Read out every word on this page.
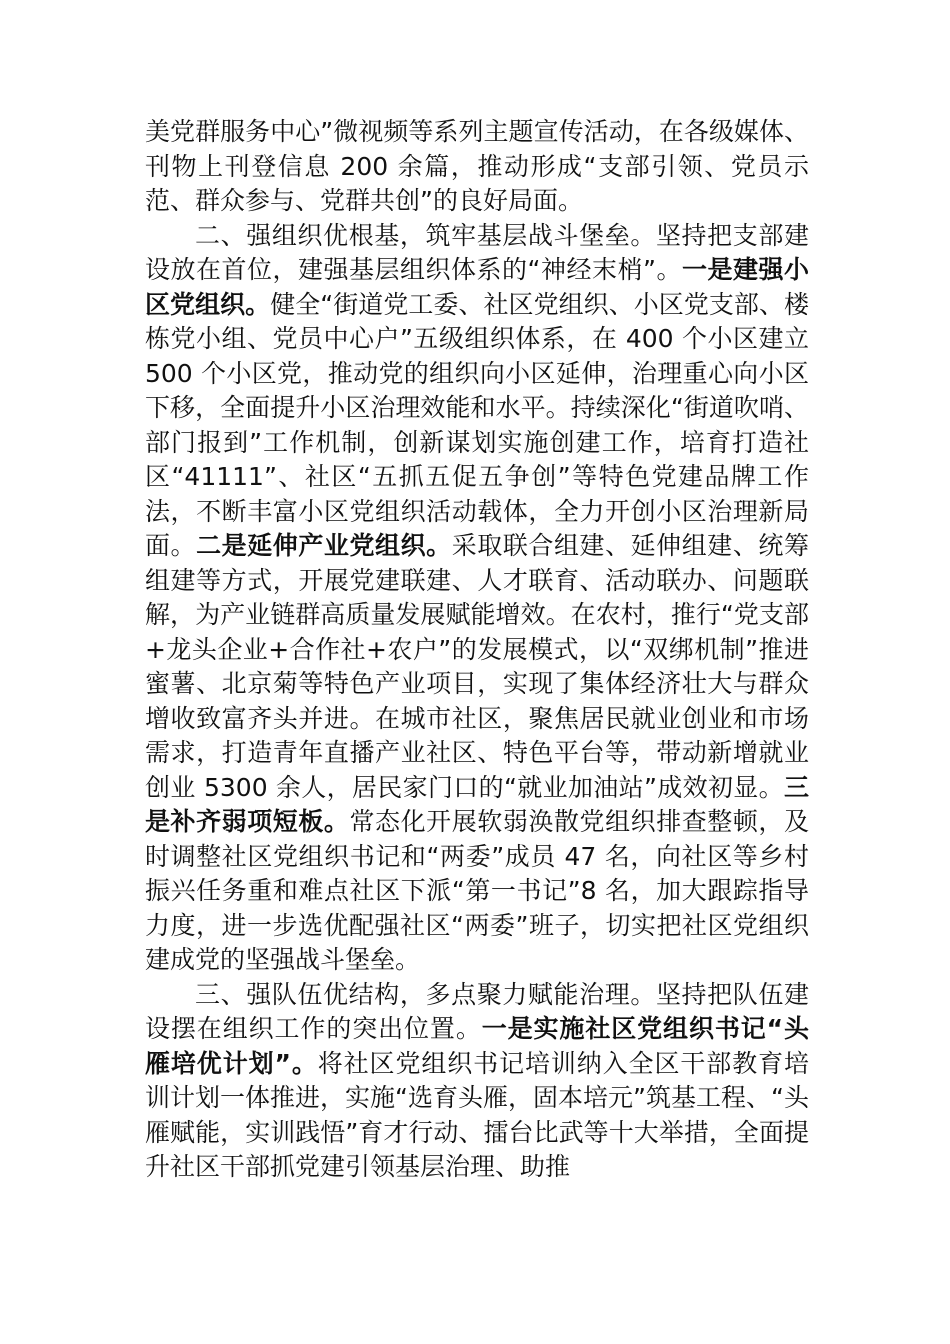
美党群服务中心”微视频等系列主题宣传活动，在各级媒体、刊物上刊登信息 200 余篇，推动形成“支部引领、党员示范、群众参与、党群共创”的良好局面。

二、强组织优根基，筑牢基层战斗堡垒。坚持把支部建设放在首位，建强基层组织体系的“神经末梢”。一是建强小区党组织。健全“街道党工委、社区党组织、小区党支部、楼栋党小组、党员中心户”五级组织体系，在 400 个小区建立 500 个小区党，推动党的组织向小区延伸，治理重心向小区下移，全面提升小区治理效能和水平。持续深化“街道吹哨、部门报到”工作机制，创新谋划实施创建工作，培育打造社区“41111”、社区“五抓五促五争创”等特色党建品牌工作法，不断丰富小区党组织活动载体，全力开创小区治理新局面。二是延伸产业党组织。采取联合组建、延伸组建、统筹组建等方式，开展党建联建、人才联育、活动联办、问题联解，为产业链群高质量发展赋能增效。在农村，推行“党支部+龙头企业+合作社+农户”的发展模式，以“双绑机制”推进蜜薯、北京菊等特色产业项目，实现了集体经济壮大与群众增收致富齐头并进。在城市社区，聚焦居民就业创业和市场需求，打造青年直播产业社区、特色平台等，带动新增就业创业 5300 余人，居民家门口的“就业加油站”成效初显。三是补齐弱项短板。常态化开展软弱涣散党组织排查整顿，及时调整社区党组织书记和“两委”成员 47 名，向社区等乡村振兴任务重和难点社区下派“第一书记”8 名，加大跟踪指导力度，进一步选优配强社区“两委”班子，切实把社区党组织建成党的坚强战斗堡垒。

三、强队伍优结构，多点聚力赋能治理。坚持把队伍建设摆在组织工作的突出位置。一是实施社区党组织书记“头雁培优计划”。将社区党组织书记培训纳入全区干部教育培训计划一体推进，实施“选育头雁，固本培元”筑基工程、“头雁赋能，实训践悟”育才行动、擂台比武等十大举措，全面提升社区干部抓党建引领基层治理、助推
